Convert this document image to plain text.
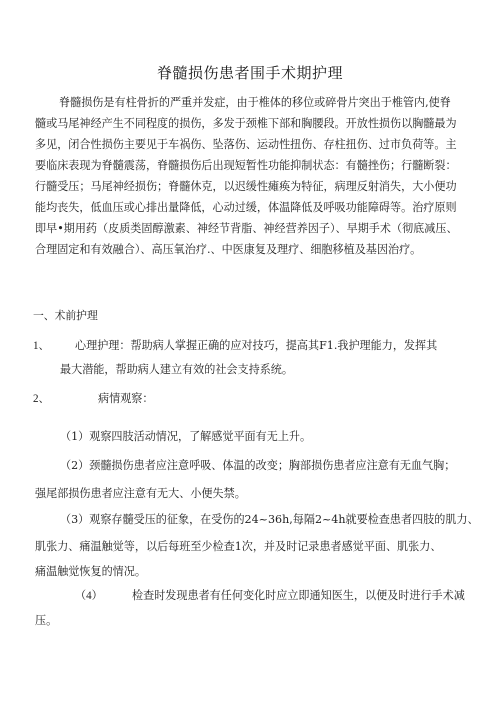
脊髓损伤患者围手术期护理
脊髓损伤是有柱骨折的严重并发症，由于椎体的移位或碎骨片突出于椎管内,使脊
髓或马尾神经产生不同程度的损伤，多发于颈椎下部和胸腰段。开放性损伤以胸髓最为
多见，闭合性损伤主要见于车祸伤、坠落伤、运动性扭伤、存柱扭伤、过市负荷等。主
要临床表现为脊髓震荡，脊髓损伤后出现短暂性功能抑制状态：有髓挫伤；行髓断裂：
行髓受压；马尾神经损伤；脊髓休克，以迟缓性瘫痪为特征，病理反射消失，大小便功
能均丧失，低血压或心排出量降低，心动过缓，体温降低及呼吸功能障碍等。治疗原则
即早•期用药（皮质类固醇激素、神经节背脂、神经营养因子）、早期手术（彻底减压、
合理固定和有效融合）、高压氧治疗.、中医康复及理疗、细胞移植及基因治疗。
一、术前护理
1、 心理护理：帮助病人掌握正确的应对技巧，提高其F1.我护理能力，发挥其
最大潜能，帮助病人建立有效的社会支持系统。
2、	病情观察：
（1）观察四肢活动情况，了解感觉平面有无上升。
（2）颈髓损伤患者应注意呼吸、体温的改变；胸部损伤患者应注意有无血气胸；
强尾部损伤患者应注意有无大、小便失禁。
（3）观察存髓受压的征象，在受伤的24~36h,每隔2~4h就要检查患者四肢的肌力、
肌张力、痛温触觉等，以后每班至少检查1次，并及时记录患者感觉平面、肌张力、
痛温触觉恢复的情况。
（4）	检查时发现患者有任何变化时应立即通知医生，以便及时进行手术减
压。
